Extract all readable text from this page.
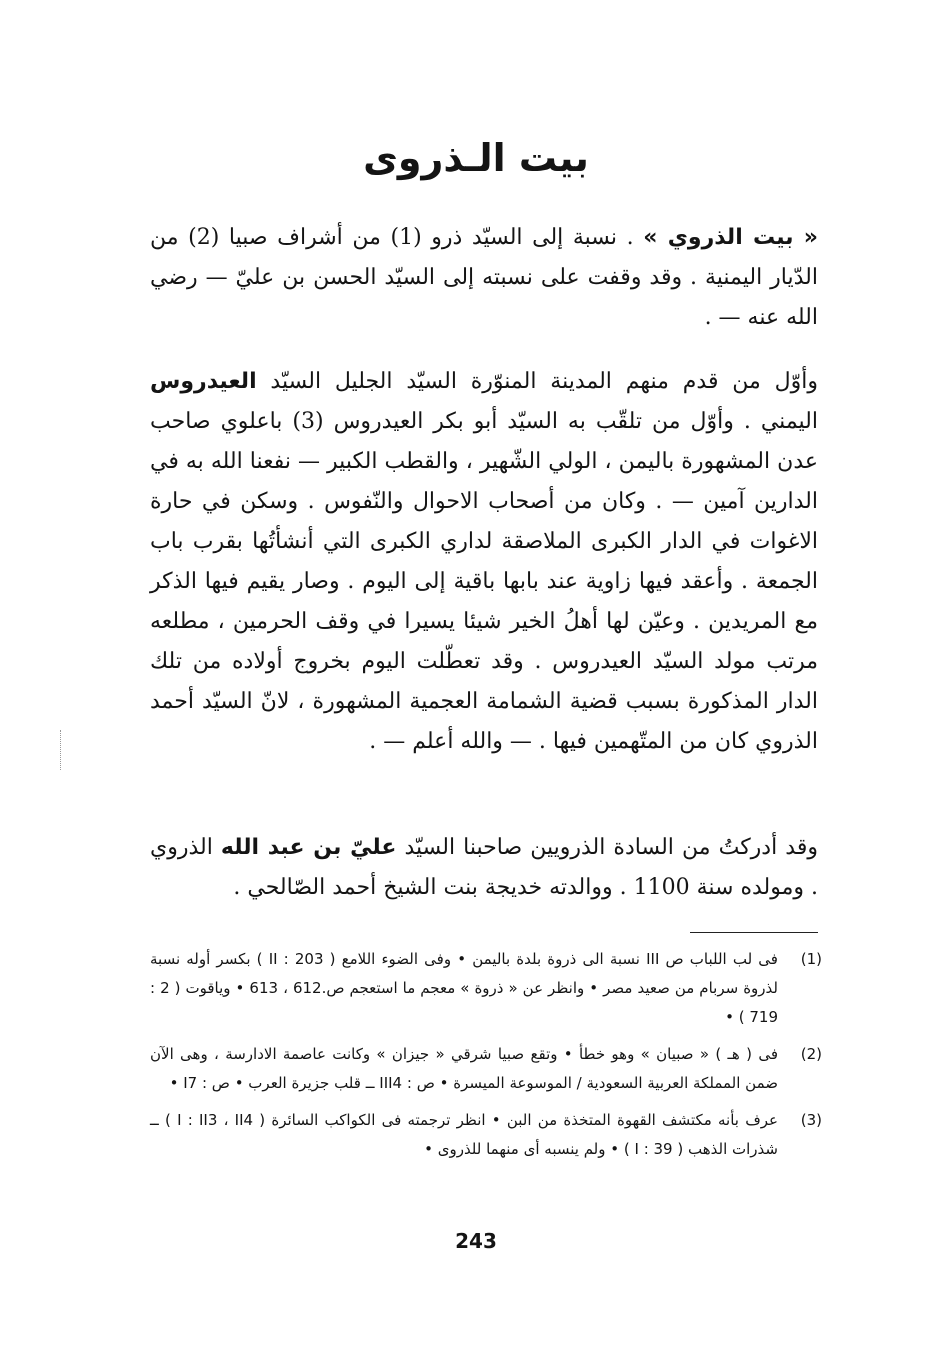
بيت الـذروى

« بيت الذروي » . نسبة إلى السيّد ذرو (1) من أشراف صبيا (2) من الدّيار اليمنية . وقد وقفت على نسبته إلى السيّد الحسن بن عليّ — رضي الله عنه — .

وأوّل من قدم منهم المدينة المنوّرة السيّد الجليل السيّد العيدروس اليمني . وأوّل من تلقّب به السيّد أبو بكر العيدروس (3) باعلوي صاحب عدن المشهورة باليمن ، الولي الشّهير ، والقطب الكبير — نفعنا الله به في الدارين آمين — . وكان من أصحاب الاحوال والنّفوس . وسكن في حارة الاغوات في الدار الكبرى الملاصقة لداري الكبرى التي أنشأتُها بقرب باب الجمعة . وأعقد فيها زاوية عند بابها باقية إلى اليوم . وصار يقيم فيها الذكر مع المريدين . وعيّن لها أهلُ الخير شيئا يسيرا في وقف الحرمين ، مطلعه مرتب مولد السيّد العيدروس . وقد تعطّلت اليوم بخروج أولاده من تلك الدار المذكورة بسبب قضية الشمامة العجمية المشهورة ، لانّ السيّد أحمد الذروي كان من المتّهمين فيها . — والله أعلم — .

وقد أدركتُ من السادة الذرويين صاحبنا السيّد عليّ بن عبد الله الذروي . ومولده سنة 1100 . ووالدته خديجة بنت الشيخ أحمد الصّالحي .

(1)
فى لب اللباب ص III نسبة الى ذروة بلدة باليمن • وفى الضوء اللامع ( II : 203 ) بكسر أوله نسبة لذروة سربام من صعيد مصر • وانظر عن « ذروة » معجم ما استعجم ص.612 ، 613 • وياقوت ( 2 : 719 ) •
(2)
فى ( هـ ) « صبيان » وهو خطأ • وتقع صبيا شرقي « جيزان » وكانت عاصمة الادارسة ، وهى الآن ضمن المملكة العربية السعودية / الموسوعة الميسرة • ص : III4 ــ قلب جزيرة العرب • ص : I7 •
(3)
عرف بأنه مكتشف القهوة المتخذة من البن • انظر ترجمته فى الكواكب السائرة ( I : II3 ، II4 ) ــ شذرات الذهب ( I : 39 ) • ولم ينسبه أى منهما للذروى •
243
